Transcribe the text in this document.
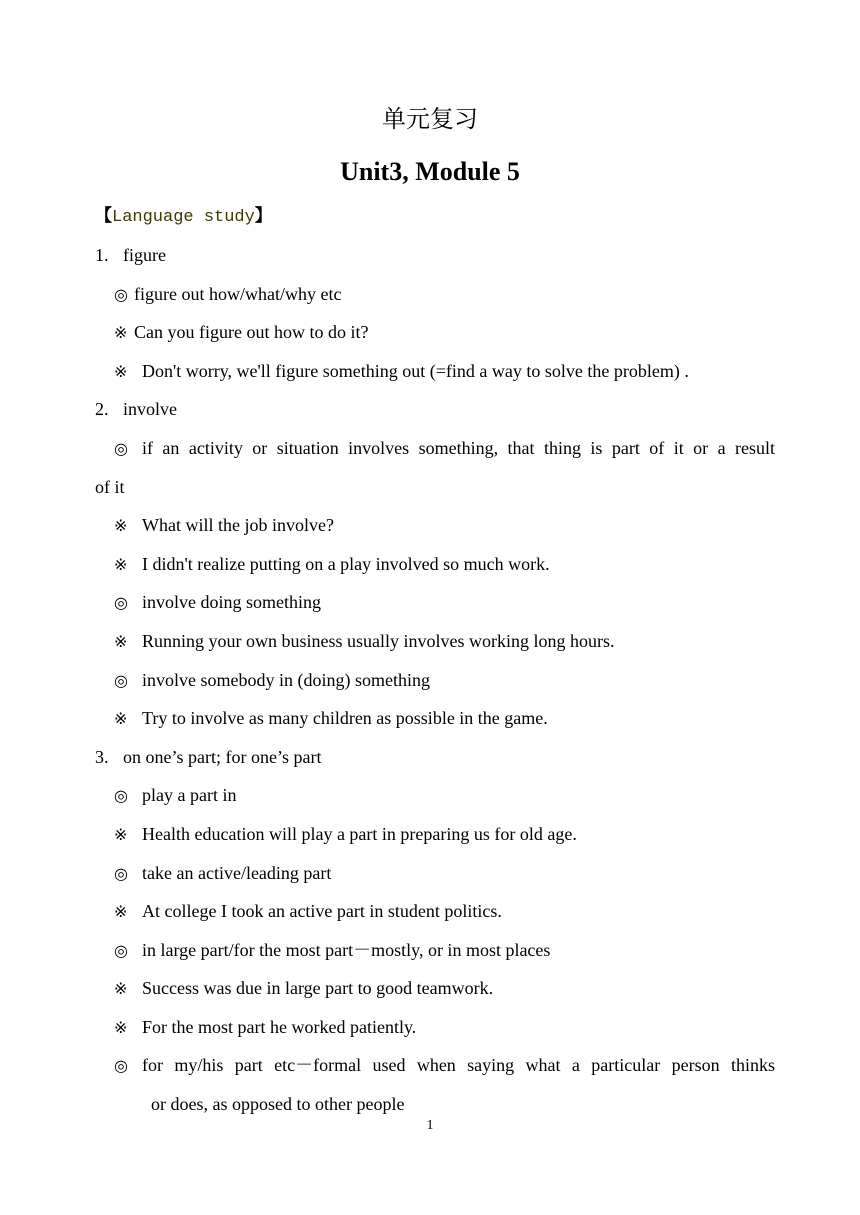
单元复习
Unit3, Module 5
【Language study】
1. figure
◎ figure out how/what/why etc
※ Can you figure out how to do it?
※ Don't worry, we'll figure something out (=find a way to solve the problem) .
2. involve
◎ if an activity or situation involves something, that thing is part of it or a result
of it
※ What will the job involve?
※ I didn't realize putting on a play involved so much work.
◎ involve doing something
※ Running your own business usually involves working long hours.
◎ involve somebody in (doing) something
※ Try to involve as many children as possible in the game.
3. on one’s part; for one’s part
◎ play a part in
※ Health education will play a part in preparing us for old age.
◎ take an active/leading part
※ At college I took an active part in student politics.
◎ in large part/for the most part－mostly, or in most places
※ Success was due in large part to good teamwork.
※ For the most part he worked patiently.
◎ for my/his part etc－formal used when saying what a particular person thinks
or does, as opposed to other people
1
